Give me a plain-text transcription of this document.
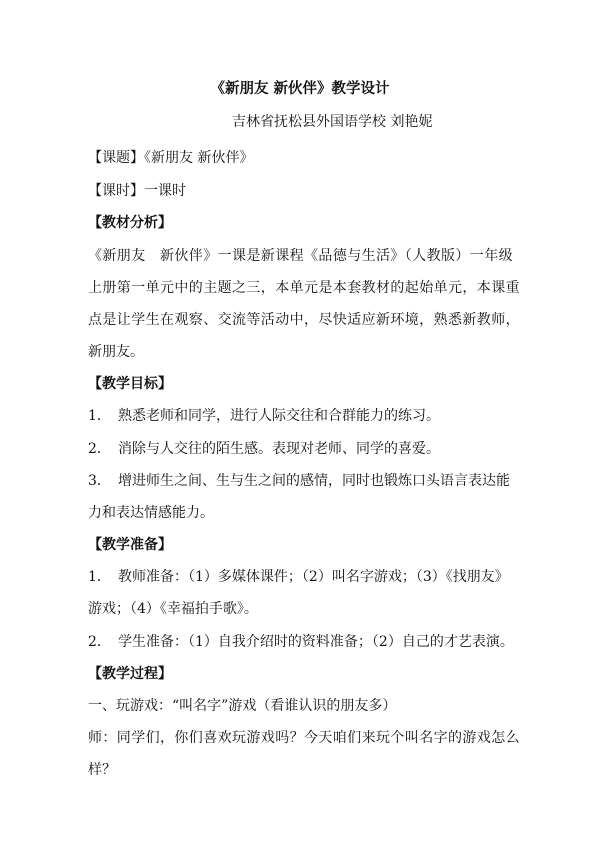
《新朋友 新伙伴》教学设计
吉林省抚松县外国语学校 刘艳妮
【课题】《新朋友 新伙伴》
【课时】一课时
【教材分析】
《新朋友　新伙伴》一课是新课程《品德与生活》（人教版）一年级
上册第一单元中的主题之三，本单元是本套教材的起始单元，本课重
点是让学生在观察、交流等活动中，尽快适应新环境，熟悉新教师，
新朋友。
【教学目标】
1． 熟悉老师和同学，进行人际交往和合群能力的练习。
2． 消除与人交往的陌生感。表现对老师、同学的喜爱。
3． 增进师生之间、生与生之间的感情，同时也锻炼口头语言表达能
力和表达情感能力。
【教学准备】
1． 教师准备：（1）多媒体课件；（2）叫名字游戏；（3）《找朋友》
游戏；（4）《幸福拍手歌》。
2． 学生准备：（1）自我介绍时的资料准备；（2）自己的才艺表演。
【教学过程】
一、玩游戏：“叫名字”游戏（看谁认识的朋友多）
师：同学们，你们喜欢玩游戏吗？今天咱们来玩个叫名字的游戏怎么
样？
